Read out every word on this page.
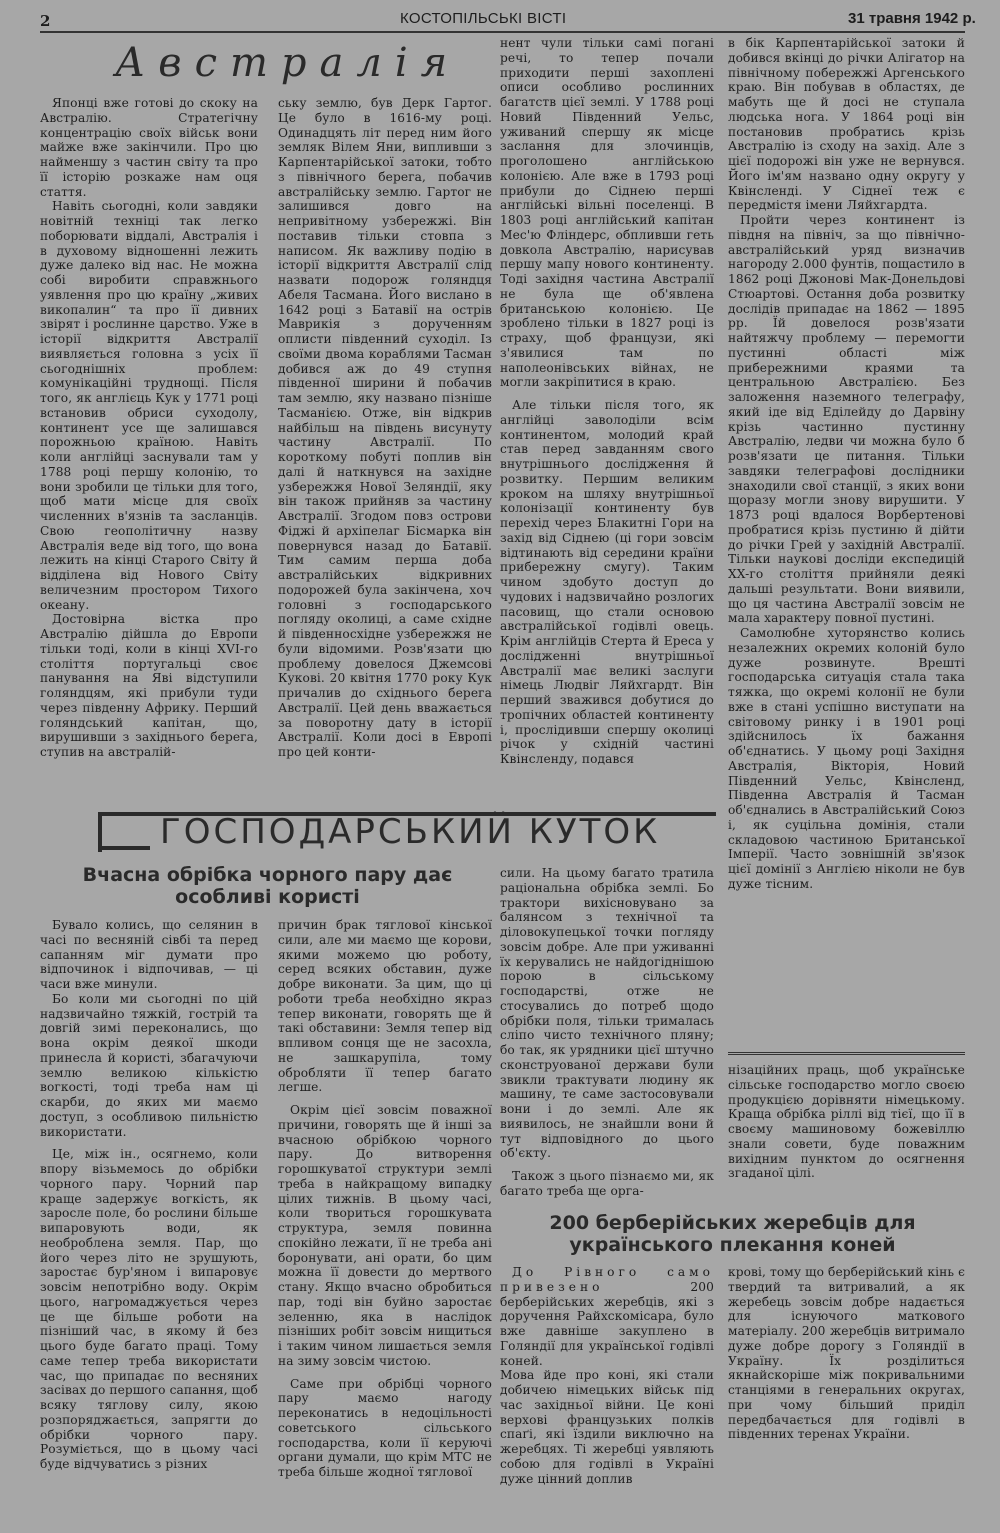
2	КОСТОПІЛЬСЬКІ ВІСТІ	31 травня 1942 р.
Австралія

Японці вже готові до скоку на Австралію. Стратегічну концентрацію своїх військ вони майже вже закінчили. Про цю найменшу з частин світу та про її історію розкаже нам оця стаття.

Навіть сьогодні, коли завдяки новітній техніці так легко поборювати віддалі, Австралія і в духовому відношенні лежить дуже далеко від нас. Не можна собі виробити справжнього уявлення про цю країну „живих викопалин“ та про її дивних звірят і рослинне царство. Уже в історії відкриття Австралії виявляється головна з усіх її сьогоднішніх проблем: комунікаційні труднощі. Після того, як англієць Кук у 1771 році встановив обриси суходолу, континент усе ще залишався порожньою країною. Навіть коли англійці заснували там у 1788 році першу колонію, то вони зробили це тільки для того, щоб мати місце для своїх численних в'язнів та засланців. Свою геополітичну назву Австралія веде від того, що вона лежить на кінці Старого Світу й відділена від Нового Світу величезним простором Тихого океану.

Достовірна вістка про Австралію дійшла до Европи тільки тоді, коли в кінці XVI-го століття португальці своє панування на Яві відступили голяндцям, які прибули туди через південну Африку. Перший голяндський капітан, що, вирушивши з західнього берега, ступив на австралій-

ську землю, був Дерк Гартог. Це було в 1616-му році. Одинадцять літ перед ним його земляк Вілем Яни, випливши з Карпентарійської затоки, тобто з північного берега, побачив австралійську землю. Гартог не залишився довго на непривітному узбережжі. Він поставив тільки стовпа з написом. Як важливу подію в історії відкриття Австралії слід назвати подорож голяндця Абеля Тасмана. Його вислано в 1642 році з Батавії на острів Маврикія з дорученням оплисти південний суходіл. Із своїми двома кораблями Тасман добився аж до 49 ступня південної ширини й побачив там землю, яку названо пізніше Тасманією. Отже, він відкрив найбільш на південь висунуту частину Австралії. По короткому побуті поплив він далі й наткнувся на західне узбережжя Нової Зеляндії, яку він також прийняв за частину Австралії. Згодом повз острови Фіджі й архіпелаг Бісмарка він повернувся назад до Батавії. Тим самим перша доба австралійських відкривних подорожей була закінчена, хоч головні з господарського погляду околиці, а саме східне й південносхідне узбережжя не були відомими. Розв'язати цю проблему довелося Джемсові Кукові. 20 квітня 1770 року Кук причалив до східнього берега Австралії. Цей день вважається за поворотну дату в історії Австралії. Коли досі в Европі про цей конти-

нент чули тільки самі погані речі, то тепер почали приходити перші захоплені описи особливо рослинних багатств цієї землі. У 1788 році Новий Південний Уельс, уживаний спершу як місце заслання для злочинців, проголошено англійською колонією. Але вже в 1793 році прибули до Сіднею перші англійські вільні поселенці. В 1803 році англійський капітан Мес'ю Фліндерс, обпливши геть довкола Австралію, нарисував першу мапу нового континенту. Тоді західня частина Австралії не була ще об'явлена британською колонією. Це зроблено тільки в 1827 році із страху, щоб французи, які з'явилися там по наполеонівських війнах, не могли закріпитися в краю.

Але тільки після того, як англійці заволоділи всім континентом, молодий край став перед завданням свого внутрішнього дослідження й розвитку. Першим великим кроком на шляху внутрішньої колонізації континенту був перехід через Блакитні Гори на захід від Сіднею (ці гори зовсім відтинають від середини країни прибережну смугу). Таким чином здобуто доступ до чудових і надзвичайно розлогих пасовищ, що стали основою австралійської годівлі овець. Крім англійців Стерта й Ереса у дослідженні внутрішньої Австралії має великі заслуги німець Людвіг Ляйхгардт. Він перший зважився добутися до тропічних областей континенту і, прослідивши спершу околиці річок у східній частині Квінсленду, подався

в бік Карпентарійської затоки й добився вкінці до річки Алігатор на північному побережжі Аргенського краю. Він побував в областях, де мабуть ще й досі не ступала людська нога. У 1864 році він постановив пробратись крізь Австралію із сходу на захід. Але з цієї подорожі він уже не вернувся. Його ім'ям названо одну округу у Квінсленді. У Сіднеї теж є передмістя імени Ляйхгардта.

Пройти через континент із півдня на північ, за що північно-австралійський уряд визначив нагороду 2.000 фунтів, пощастило в 1862 році Джонові Мак-Донельдові Стюартові. Остання доба розвитку дослідів припадає на 1862 — 1895 рр. Їй довелося розв'язати найтяжчу проблему — перемогти пустинні області між прибережними краями та центральною Австралією. Без заложення наземного телеграфу, який іде від Еділейду до Дарвіну крізь частинно пустинну Австралію, ледви чи можна було б розв'язати це питання. Тільки завдяки телеграфові дослідники знаходили свої станції, з яких вони щоразу могли знову вирушити. У 1873 році вдалося Ворбертенові пробратися крізь пустиню й дійти до річки Грей у західній Австралії. Тільки наукові досліди експедицій XX-го століття прийняли деякі дальші результати. Вони виявили, що ця частина Австралії зовсім не мала характеру повної пустині.

Самолюбне хуторянство колись незалежних окремих колоній було дуже розвинуте. Врешті господарська ситуація стала така тяжка, що окремі колонії не були вже в стані успішно виступати на світовому ринку і в 1901 році здійснилось їх бажання об'єднатись. У цьому році Західня Австралія, Вікторія, Новий Південний Уельс, Квінсленд, Південна Австралія й Тасман об'єднались в Австралійський Союз і, як суцільна домінія, стали складовою частиною Британської Імперії. Часто зовнішній зв'язок цієї домінії з Англією ніколи не був дуже тісним.

ГОСПОДАРСЬКИЙ КУТОК
Вчасна обрібка чорного пару дає особливі користі

Бувало колись, що селянин в часі по весняній сівбі та перед сапанням міг думати про відпочинок і відпочивав, — ці часи вже минули.

Бо коли ми сьогодні по цій надзвичайно тяжкій, гострій та довгій зимі переконались, що вона окрім деякої шкоди принесла й користі, збагачуючи землю великою кількістю вогкості, тоді треба нам ці скарби, до яких ми маємо доступ, з особливою пильністю використати.

Це, між ін., осягнемо, коли впору візьмемось до обрібки чорного пару. Чорний пар краще задержує вогкість, як заросле поле, бо рослини більше випаровують води, як необроблена земля. Пар, що його через літо не зрушують, заростає бур'яном і випаровує зовсім непотрібно воду. Окрім цього, нагромаджується через це ще більше роботи на пізніший час, в якому й без цього буде багато праці. Тому саме тепер треба використати час, що припадає по весняних засівах до першого сапання, щоб всяку тяглову силу, якою розпоряджається, запрягти до обрібки чорного пару. Розуміється, що в цьому часі буде відчуватись з різних

причин брак тяглової кінської сили, але ми маємо ще корови, якими можемо цю роботу, серед всяких обставин, дуже добре виконати. За цим, що ці роботи треба необхідно якраз тепер виконати, говорять ще й такі обставини: Земля тепер від впливом сонця ще не засохла, не зашкарупіла, тому обробляти її тепер багато легше.

Окрім цієї зовсім поважної причини, говорять ще й інші за вчасною обрібкою чорного пару. До витворення горошкуватої структури землі треба в найкращому випадку цілих тижнів. В цьому часі, коли твориться горошкувата структура, земля повинна спокійно лежати, її не треба ані боронувати, ані орати, бо цим можна її довести до мертвого стану. Якщо вчасно обробиться пар, тоді він буйно заростає зеленню, яка в наслідок пізніших робіт зовсім нищиться і таким чином лишається земля на зиму зовсім чистою.

Саме при обрібці чорного пару маємо нагоду переконатись в недоцільності советського сільського господарства, коли її керуючі органи думали, що крім МТС не треба більше жодної тяглової

сили. На цьому багато тратила раціональна обрібка землі. Бо трактори вихісновувано за балянсом з технічної та діловокупецької точки погляду зовсім добре. Але при уживанні їх керувались не найдогіднішою порою в сільському господарстві, отже не стосувались до потреб щодо обрібки поля, тільки трималась сліпо чисто технічного пляну; бо так, як урядники цієї штучно сконструованої держави були звикли трактувати людину як машину, те саме застосовували вони і до землі. Але як виявилось, не знайшли вони й тут відповідного до цього об'єкту.

Також з цього пізнаємо ми, як багато треба ще орга-

нізаційних праць, щоб українське сільське господарство могло своєю продукцією дорівняти німецькому. Краща обрібка ріллі від тієї, що її в своєму машиновому божевіллю знали совети, буде поважним вихідним пунктом до осягнення згаданої цілі.

200 берберійських жеребців для українського плекання коней

До Рівного само привезено 200 берберійських жеребців, які з доручення Райхскомісара, було вже давніше закуплено в Голяндії для української годівлі коней.

Мова йде про коні, які стали добичею німецьких військ під час західньої війни. Це коні верхові французьких полків спаґі, які їздили виключно на жеребцях. Ті жеребці уявляють собою для годівлі в Україні дуже цінний доплив

крові, тому що берберійський кінь є твердий та витривалий, а як жеребець зовсім добре надається для існуючого маткового матеріалу. 200 жеребців витримало дуже добре дорогу з Голяндії в Україну. Їх розділиться якнайскоріше між покривальними станціями в генеральних округах, при чому більший приділ передбачається для годівлі в південних теренах України.
